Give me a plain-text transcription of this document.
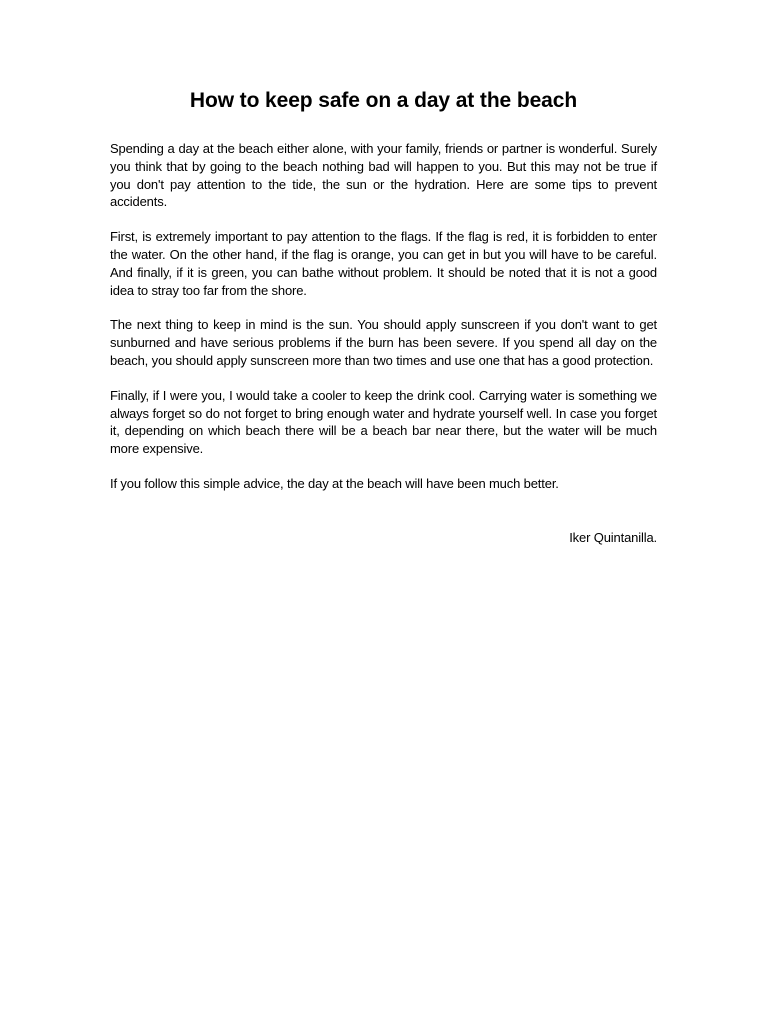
How to keep safe on a day at the beach

Spending a day at the beach either alone, with your family, friends or partner is wonderful. Surely you think that by going to the beach nothing bad will happen to you. But this may not be true if you don't pay attention to the tide, the sun or the hydration. Here are some tips to prevent accidents.

First, is extremely important to pay attention to the flags. If the flag is red, it is forbidden to enter the water. On the other hand, if the flag is orange, you can get in but you will have to be careful. And finally, if it is green, you can bathe without problem. It should be noted that it is not a good idea to stray too far from the shore.

The next thing to keep in mind is the sun. You should apply sunscreen if you don't want to get sunburned and have serious problems if the burn has been severe. If you spend all day on the beach, you should apply sunscreen more than two times and use one that has a good protection.

Finally, if I were you, I would take a cooler to keep the drink cool. Carrying water is something we always forget so do not forget to bring enough water and hydrate yourself well. In case you forget it, depending on which beach there will be a beach bar near there, but the water will be much more expensive.

If you follow this simple advice, the day at the beach will have been much better.

Iker Quintanilla.
